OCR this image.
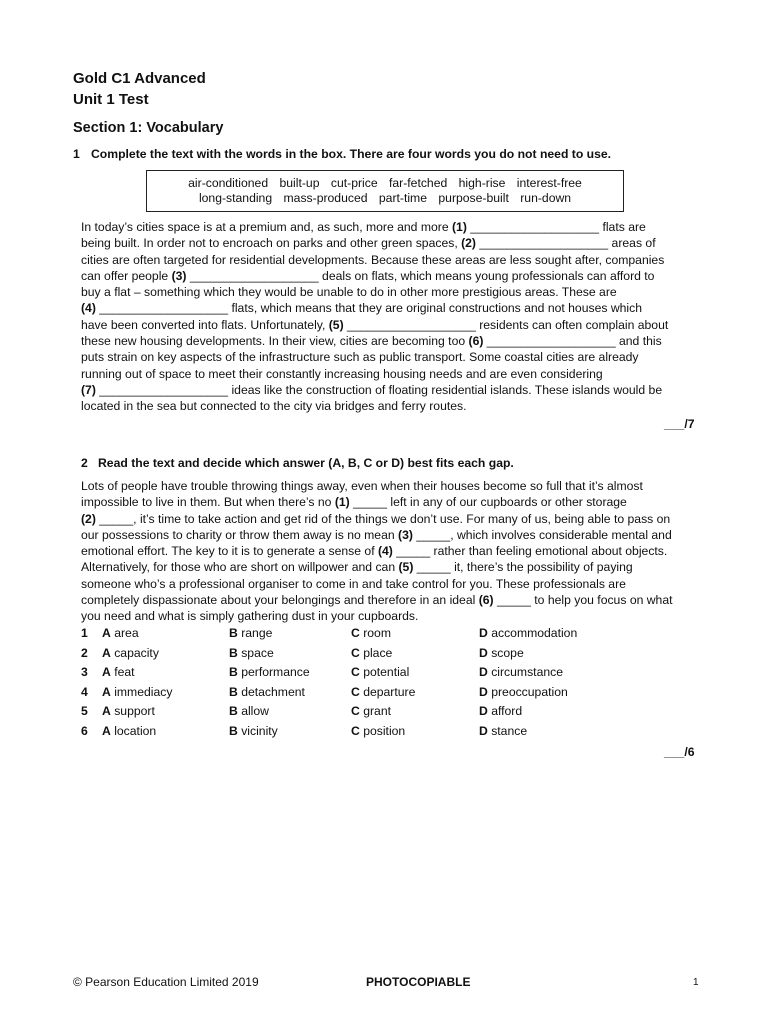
Gold C1 Advanced
Unit 1 Test
Section 1: Vocabulary
1 Complete the text with the words in the box. There are four words you do not need to use.
air-conditioned built-up cut-price far-fetched high-rise interest-free
long-standing mass-produced part-time purpose-built run-down
In today’s cities space is at a premium and, as such, more and more (1) ___________________ flats are
being built. In order not to encroach on parks and other green spaces, (2) ___________________ areas of
cities are often targeted for residential developments. Because these areas are less sought after, companies
can offer people (3) ___________________ deals on flats, which means young professionals can afford to
buy a flat – something which they would be unable to do in other more prestigious areas. These are
(4) ___________________ flats, which means that they are original constructions and not houses which
have been converted into flats. Unfortunately, (5) ___________________ residents can often complain about
these new housing developments. In their view, cities are becoming too (6) ___________________ and this
puts strain on key aspects of the infrastructure such as public transport. Some coastal cities are already
running out of space to meet their constantly increasing housing needs and are even considering
(7) ___________________ ideas like the construction of floating residential islands. These islands would be
located in the sea but connected to the city via bridges and ferry routes.
___/7
2 Read the text and decide which answer (A, B, C or D) best fits each gap.
Lots of people have trouble throwing things away, even when their houses become so full that it’s almost
impossible to live in them. But when there’s no (1) _____ left in any of our cupboards or other storage
(2) _____, it’s time to take action and get rid of the things we don’t use. For many of us, being able to pass on
our possessions to charity or throw them away is no mean (3) _____, which involves considerable mental and
emotional effort. The key to it is to generate a sense of (4) _____ rather than feeling emotional about objects.
Alternatively, for those who are short on willpower and can (5) _____ it, there’s the possibility of paying
someone who’s a professional organiser to come in and take control for you. These professionals are
completely dispassionate about your belongings and therefore in an ideal (6) _____ to help you focus on what
you need and what is simply gathering dust in your cupboards.
1 A area	B range	C room	D accommodation
2 A capacity	B space	C place	D scope
3 A feat	B performance	C potential	D circumstance
4 A immediacy	B detachment	C departure	D preoccupation
5 A support	B allow	C grant	D afford
6 A location	B vicinity	C position	D stance
___/6
© Pearson Education Limited 2019	PHOTOCOPIABLE	1
